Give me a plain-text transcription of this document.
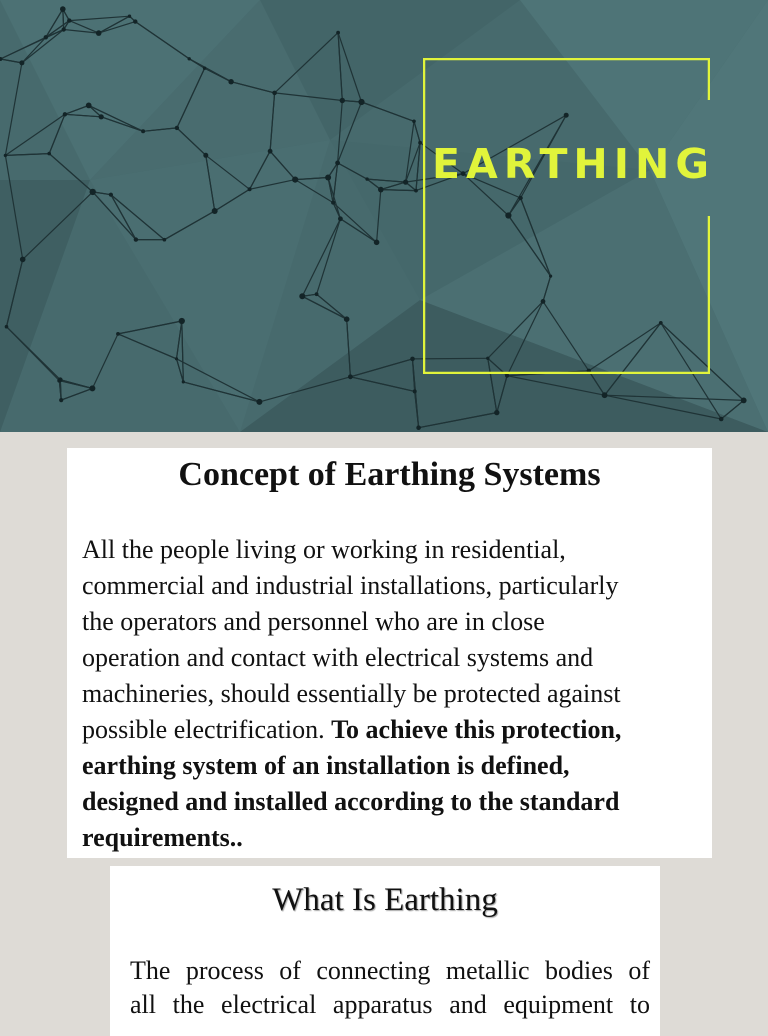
EARTHING
Concept of Earthing Systems
All the people living or working in residential,
commercial and industrial installations, particularly
the operators and personnel who are in close
operation and contact with electrical systems and
machineries, should essentially be protected against
possible electrification. To achieve this protection,
earthing system of an installation is defined,
designed and installed according to the standard
requirements..
What Is Earthing
The process of connecting metallic bodies of
all the electrical apparatus and equipment to
